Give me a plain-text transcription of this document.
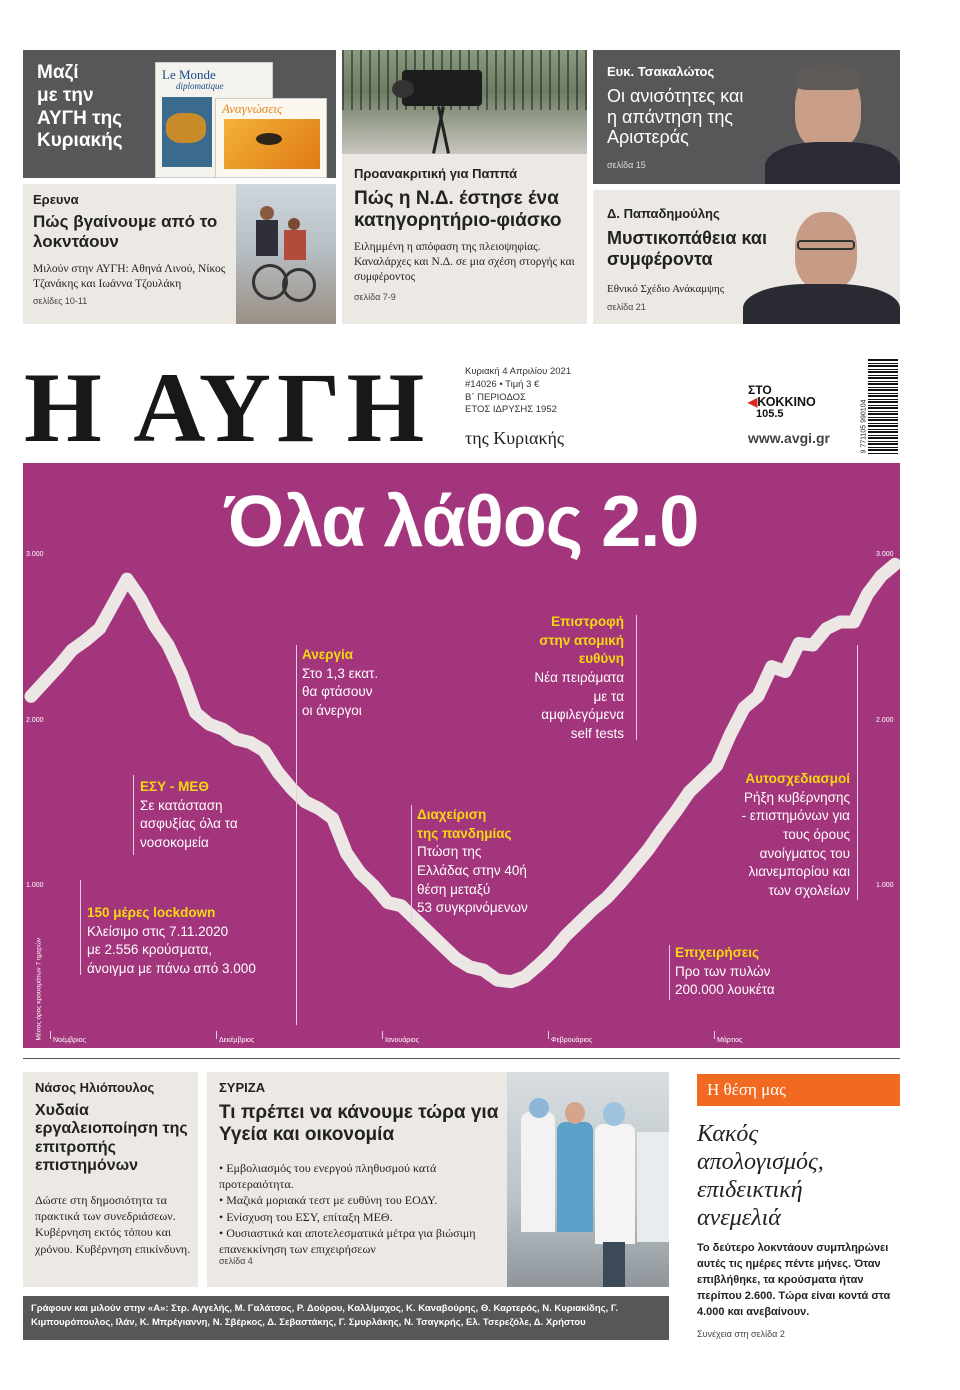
Μαζί
με την
ΑΥΓΗ της
Κυριακής
Le Monde
diplomatique
Αναγνώσεις
Προανακριτική για Παππά
Πώς η Ν.Δ. έστησε ένα κατηγορητήριο-φιάσκο
Ειλημμένη η απόφαση της πλειοψηφίας. Καναλάρχες και Ν.Δ. σε μια σχέση στοργής και συμφέροντος
σελίδα 7-9
Ευκ. Τσακαλώτος
Οι ανισότητες και η απάντηση της Αριστεράς
σελίδα 15
Ερευνα
Πώς βγαίνουμε από το λοκντάουν
Μιλούν στην ΑΥΓΗ: Αθηνά Λινού, Νίκος Τζανάκης και Ιωάννα Τζουλάκη
σελίδες 10-11
Δ. Παπαδημούλης
Μυστικοπάθεια και συμφέροντα
Εθνικό Σχέδιο Ανάκαμψης
σελίδα 21
Η ΑΥΓΗ	Κυριακή 4 Απριλίου 2021
#14026 • Τιμή 3 €
Β΄ ΠΕΡΙΟΔΟΣ
ΕΤΟΣ ΙΔΡΥΣΗΣ 1952
της Κυριακής
ΣΤΟ
◀ ΚΟΚΚΙΝΟ
105.5
www.avgi.gr	9 771105 990104
Όλα λάθος 2.0
3.000
2.000
1.000
3.000
2.000
1.000
Μέσος όρος κρουσμάτων 7 ημερών Νοέμβριος	Δεκέμβριος	Ιανουάριος	Φεβρουάριος	Μάρτιος
150 μέρες lockdown
Κλείσιμο στις 7.11.2020
με 2.556 κρούσματα,
άνοιγμα με πάνω από 3.000
ΕΣΥ - ΜΕΘ
Σε κατάσταση
ασφυξίας όλα τα
νοσοκομεία
Ανεργία
Στο 1,3 εκατ.
θα φτάσουν
οι άνεργοι
Διαχείριση
της πανδημίας
Πτώση της
Ελλάδας στην 40ή
θέση μεταξύ
53 συγκρινόμενων
Επιστροφή
στην ατομική
ευθύνη
Νέα πειράματα
με τα
αμφιλεγόμενα
self tests
Επιχειρήσεις
Προ των πυλών
200.000 λουκέτα
Αυτοσχεδιασμοί
Ρήξη κυβέρνησης
- επιστημόνων για
τους όρους
ανοίγματος του
λιανεμπορίου και
των σχολείων
Νάσος Ηλιόπουλος
Χυδαία εργαλειοποίηση της επιτροπής επιστημόνων
Δώστε στη δημοσιότητα τα πρακτικά των συνεδριάσεων. Κυβέρνηση εκτός τόπου και χρόνου. Κυβέρνηση επικίνδυνη.
ΣΥΡΙΖΑ
Τι πρέπει να κάνουμε τώρα για Υγεία και οικονομία
• Εμβολιασμός του ενεργού πληθυσμού κατά προτεραιότητα.
• Μαζικά μοριακά τεστ με ευθύνη του ΕΟΔΥ.
• Ενίσχυση του ΕΣΥ, επίταξη ΜΕΘ.
• Ουσιαστικά και αποτελεσματικά μέτρα για βιώσιμη επανεκκίνηση των επιχειρήσεων
σελίδα 4
Η θέση μας
Κακός απολογισμός, επιδεικτική ανεμελιά
Το δεύτερο λοκντάουν συμπληρώνει αυτές τις ημέρες πέντε μήνες. Όταν επιβλήθηκε, τα κρούσματα ήταν περίπου 2.600. Τώρα είναι κοντά στα 4.000 και ανεβαίνουν.
Συνέχεια στη σελίδα 2
Γράφουν και μιλούν στην «Α»: Στρ. Αγγελής, Μ. Γαλάτσος, Ρ. Δούρου, Καλλίμαχος, Κ. Καναβούρης, Θ. Καρτερός, Ν. Κυριακίδης, Γ. Κιμπουρόπουλος, Ιλάν, Κ. Μπρέγιαννη, Ν. Σβέρκος, Δ. Σεβαστάκης, Γ. Σμυρλάκης, Ν. Τσαγκρής, Ελ. Τσερεζόλε, Δ. Χρήστου
